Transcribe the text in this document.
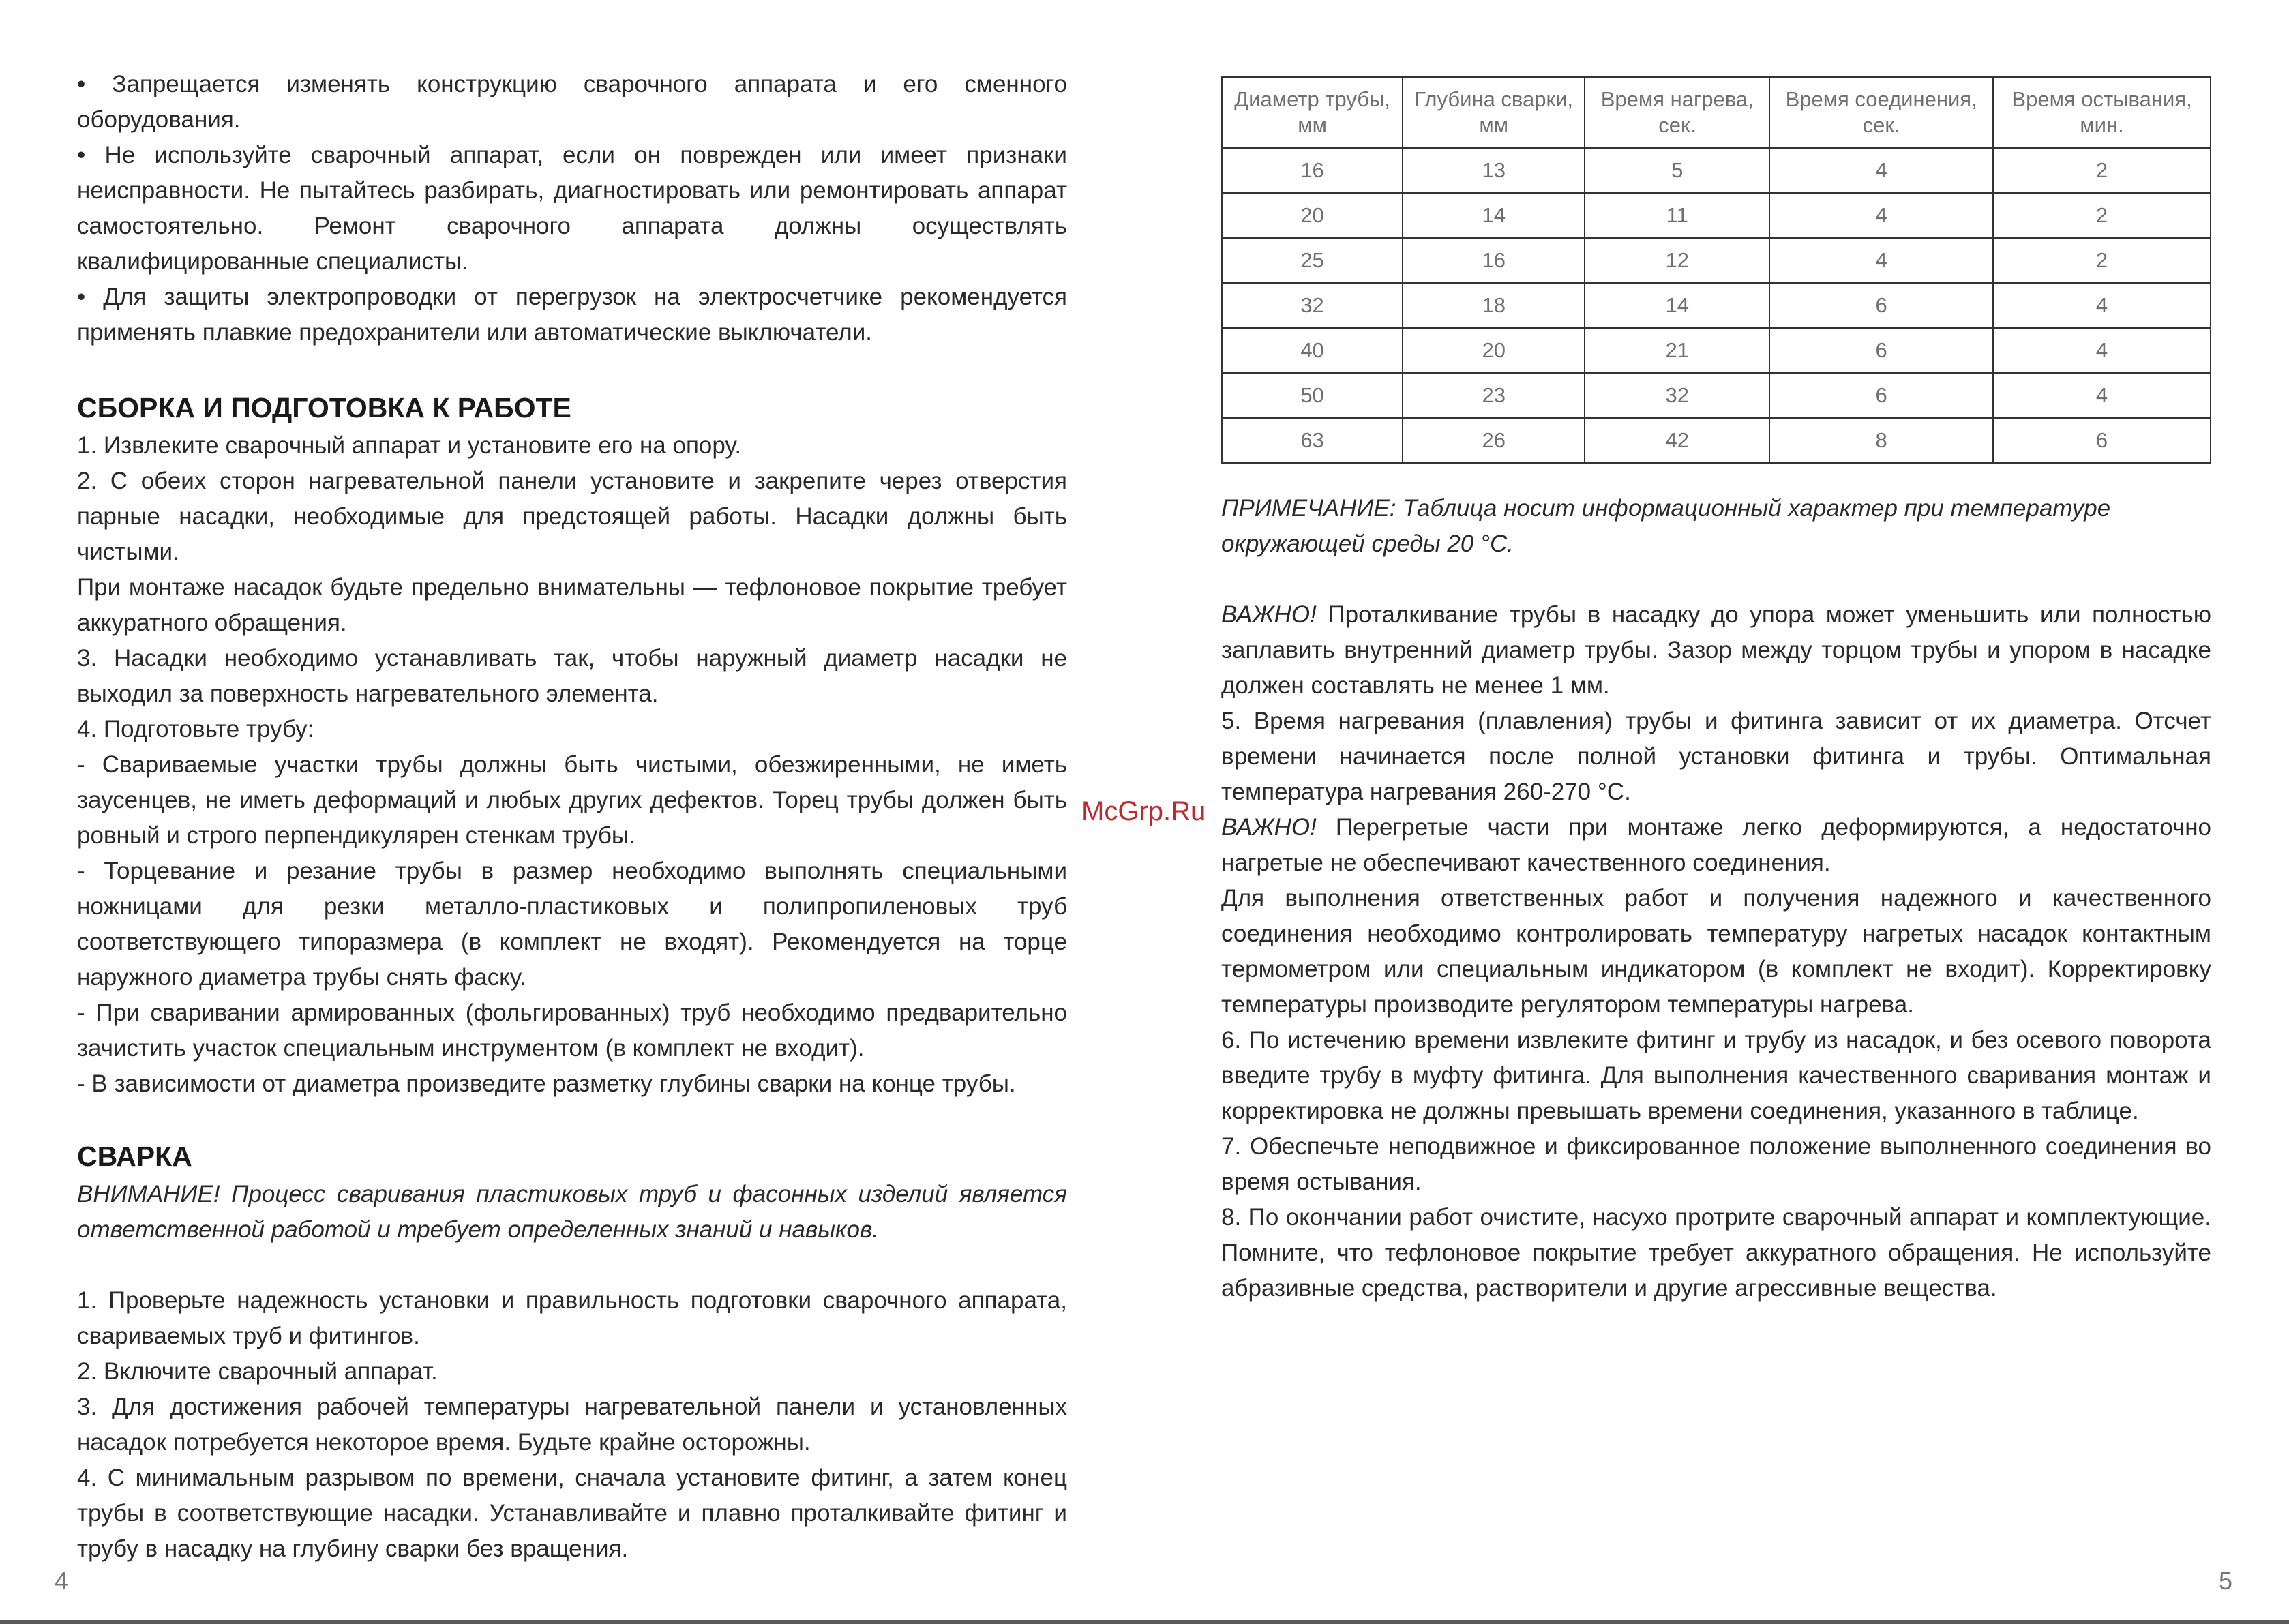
• Запрещается изменять конструкцию сварочного аппарата и его сменного оборудования.

• Не используйте сварочный аппарат, если он поврежден или имеет признаки неисправности. Не пытайтесь разбирать, диагностировать или ремонтировать аппарат самостоятельно. Ремонт сварочного аппарата должны осуществлять квалифицированные специалисты.

• Для защиты электропроводки от перегрузок на электросчетчике рекомендуется применять плавкие предохранители или автоматические выключатели.

СБОРКА И ПОДГОТОВКА К РАБОТЕ

1. Извлеките сварочный аппарат и установите его на опору.

2. С обеих сторон нагревательной панели установите и закрепите через отверстия парные насадки, необходимые для предстоящей работы. Насадки должны быть чистыми.

При монтаже насадок будьте предельно внимательны — тефлоновое покрытие требует аккуратного обращения.

3. Насадки необходимо устанавливать так, чтобы наружный диаметр насадки не выходил за поверхность нагревательного элемента.

4. Подготовьте трубу:

- Свариваемые участки трубы должны быть чистыми, обезжиренными, не иметь заусенцев, не иметь деформаций и любых других дефектов. Торец трубы должен быть ровный и строго перпендикулярен стенкам трубы.

- Торцевание и резание трубы в размер необходимо выполнять специальными ножницами для резки металло-пластиковых и полипропиленовых труб соответствующего типоразмера (в комплект не входят). Рекомендуется на торце наружного диаметра трубы снять фаску.

- При сваривании армированных (фольгированных) труб необходимо предварительно зачистить участок специальным инструментом (в комплект не входит).

- В зависимости от диаметра произведите разметку глубины сварки на конце трубы.

СВАРКА

ВНИМАНИЕ! Процесс сваривания пластиковых труб и фасонных изделий является ответственной работой и требует определенных знаний и навыков.

1. Проверьте надежность установки и правильность подготовки сварочного аппарата, свариваемых труб и фитингов.

2. Включите сварочный аппарат.

3. Для достижения рабочей температуры нагревательной панели и установленных насадок потребуется некоторое время. Будьте крайне осторожны.

4. С минимальным разрывом по времени, сначала установите фитинг, а затем конец трубы в соответствующие насадки. Устанавливайте и плавно проталкивайте фитинг и трубу в насадку на глубину сварки без вращения.

Диаметр трубы, мм	Глубина сварки, мм	Время нагрева, сек.	Время соединения, сек.	Время остывания, мин.
16	13	5	4	2
20	14	11	4	2
25	16	12	4	2
32	18	14	6	4
40	20	21	6	4
50	23	32	6	4
63	26	42	8	6

ПРИМЕЧАНИЕ: Таблица носит информационный характер при температуре окружающей среды 20 °С.

ВАЖНО! Проталкивание трубы в насадку до упора может уменьшить или полностью заплавить внутренний диаметр трубы. Зазор между торцом трубы и упором в насадке должен составлять не менее 1 мм.

5. Время нагревания (плавления) трубы и фитинга зависит от их диаметра. Отсчет времени начинается после полной установки фитинга и трубы. Оптимальная температура нагревания 260-270 °С.

ВАЖНО! Перегретые части при монтаже легко деформируются, а недостаточно нагретые не обеспечивают качественного соединения.

Для выполнения ответственных работ и получения надежного и качественного соединения необходимо контролировать температуру нагретых насадок контактным термометром или специальным индикатором (в комплект не входит). Корректировку температуры производите регулятором температуры нагрева.

6. По истечению времени извлеките фитинг и трубу из насадок, и без осевого поворота введите трубу в муфту фитинга. Для выполнения качественного сваривания монтаж и корректировка не должны превышать времени соединения, указанного в таблице.

7. Обеспечьте неподвижное и фиксированное положение выполненного соединения во время остывания.

8. По окончании работ очистите, насухо протрите сварочный аппарат и комплектующие. Помните, что тефлоновое покрытие требует аккуратного обращения. Не используйте абразивные средства, растворители и другие агрессивные вещества.

McGrp.Ru
4	5
